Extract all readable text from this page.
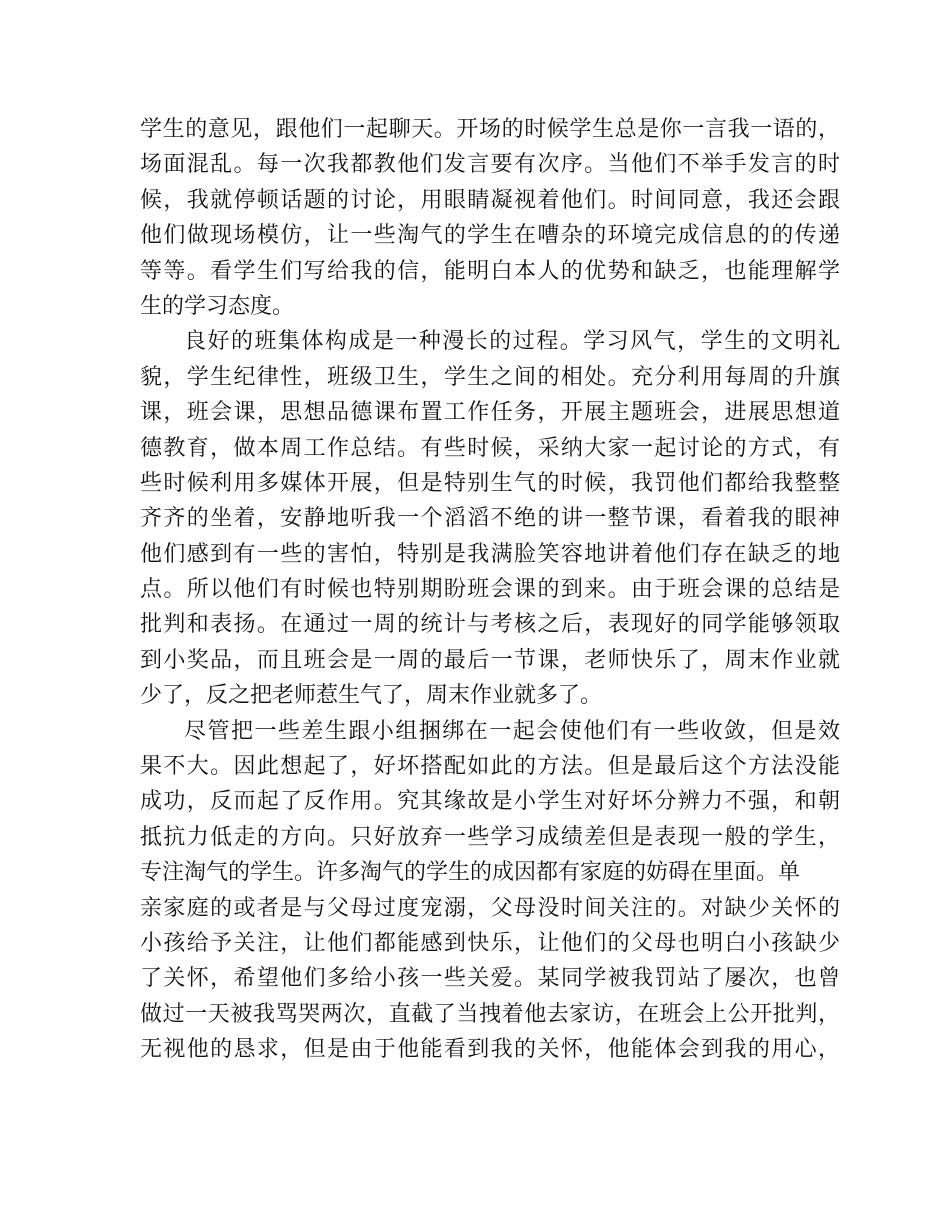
学生的意见，跟他们一起聊天。开场的时候学生总是你一言我一语的，
场面混乱。每一次我都教他们发言要有次序。当他们不举手发言的时
候，我就停顿话题的讨论，用眼睛凝视着他们。时间同意，我还会跟
他们做现场模仿，让一些淘气的学生在嘈杂的环境完成信息的的传递
等等。看学生们写给我的信，能明白本人的优势和缺乏，也能理解学
生的学习态度。
良好的班集体构成是一种漫长的过程。学习风气，学生的文明礼
貌，学生纪律性，班级卫生，学生之间的相处。充分利用每周的升旗
课，班会课，思想品德课布置工作任务，开展主题班会，进展思想道
德教育，做本周工作总结。有些时候，采纳大家一起讨论的方式，有
些时候利用多媒体开展，但是特别生气的时候，我罚他们都给我整整
齐齐的坐着，安静地听我一个滔滔不绝的讲一整节课，看着我的眼神
他们感到有一些的害怕，特别是我满脸笑容地讲着他们存在缺乏的地
点。所以他们有时候也特别期盼班会课的到来。由于班会课的总结是
批判和表扬。在通过一周的统计与考核之后，表现好的同学能够领取
到小奖品，而且班会是一周的最后一节课，老师快乐了，周末作业就
少了，反之把老师惹生气了，周末作业就多了。
尽管把一些差生跟小组捆绑在一起会使他们有一些收敛，但是效
果不大。因此想起了，好坏搭配如此的方法。但是最后这个方法没能
成功，反而起了反作用。究其缘故是小学生对好坏分辨力不强，和朝
抵抗力低走的方向。只好放弃一些学习成绩差但是表现一般的学生，
专注淘气的学生。许多淘气的学生的成因都有家庭的妨碍在里面。单
亲家庭的或者是与父母过度宠溺，父母没时间关注的。对缺少关怀的
小孩给予关注，让他们都能感到快乐，让他们的父母也明白小孩缺少
了关怀，希望他们多给小孩一些关爱。某同学被我罚站了屡次，也曾
做过一天被我骂哭两次，直截了当拽着他去家访，在班会上公开批判，
无视他的恳求，但是由于他能看到我的关怀，他能体会到我的用心，
